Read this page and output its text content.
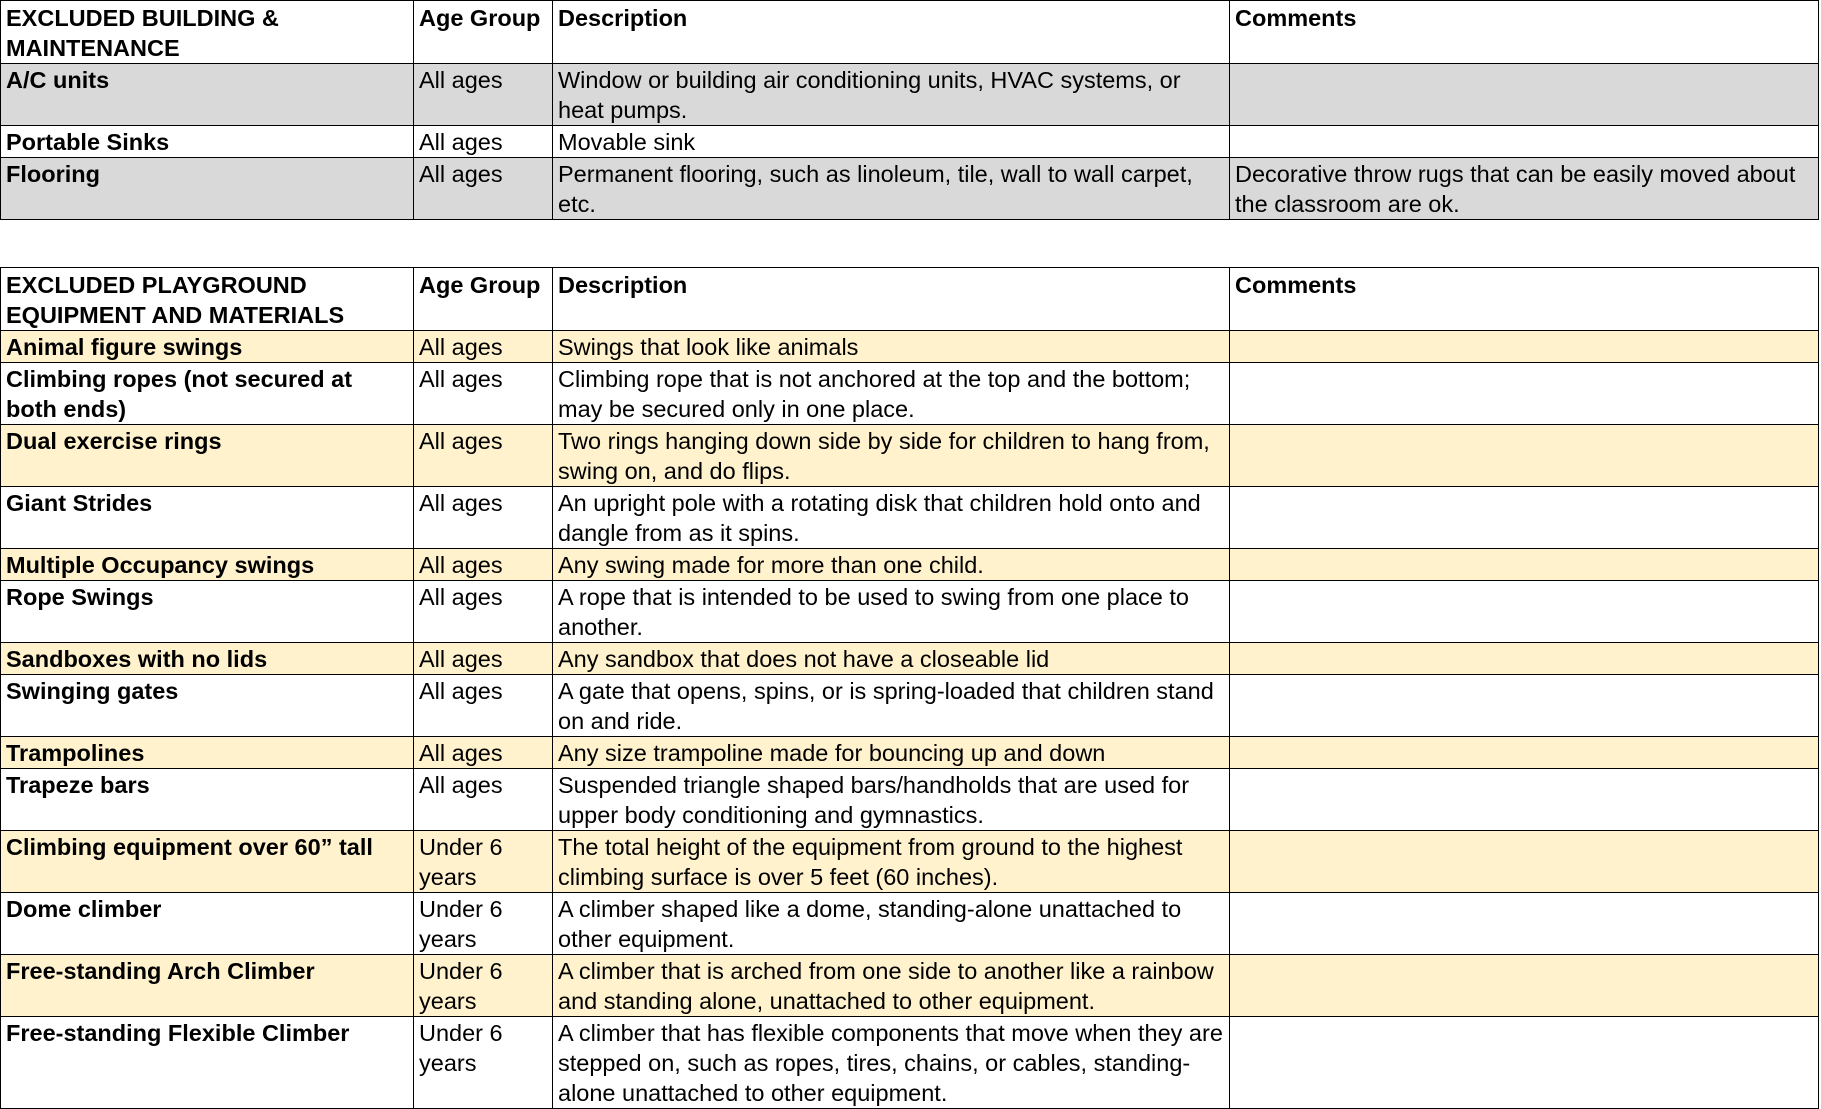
EXCLUDED BUILDING & MAINTENANCE	Age Group	Description	Comments
A/C units	All ages	Window or building air conditioning units, HVAC systems, or heat pumps.	
Portable Sinks	All ages	Movable sink	
Flooring	All ages	Permanent flooring, such as linoleum, tile, wall to wall carpet, etc.	Decorative throw rugs that can be easily moved about the classroom are ok.
EXCLUDED PLAYGROUND EQUIPMENT AND MATERIALS	Age Group	Description	Comments
Animal figure swings	All ages	Swings that look like animals	
Climbing ropes (not secured at both ends)	All ages	Climbing rope that is not anchored at the top and the bottom; may be secured only in one place.	
Dual exercise rings	All ages	Two rings hanging down side by side for children to hang from, swing on, and do flips.	
Giant Strides	All ages	An upright pole with a rotating disk that children hold onto and dangle from as it spins.	
Multiple Occupancy swings	All ages	Any swing made for more than one child.	
Rope Swings	All ages	A rope that is intended to be used to swing from one place to another.	
Sandboxes with no lids	All ages	Any sandbox that does not have a closeable lid	
Swinging gates	All ages	A gate that opens, spins, or is spring-loaded that children stand on and ride.	
Trampolines	All ages	Any size trampoline made for bouncing up and down	
Trapeze bars	All ages	Suspended triangle shaped bars/handholds that are used for upper body conditioning and gymnastics.	
Climbing equipment over 60” tall	Under 6 years	The total height of the equipment from ground to the highest climbing surface is over 5 feet (60 inches).	
Dome climber	Under 6 years	A climber shaped like a dome, standing-alone unattached to other equipment.	
Free-standing Arch Climber	Under 6 years	A climber that is arched from one side to another like a rainbow and standing alone, unattached to other equipment.	
Free-standing Flexible Climber	Under 6 years	A climber that has flexible components that move when they are stepped on, such as ropes, tires, chains, or cables, standing-alone unattached to other equipment.	
